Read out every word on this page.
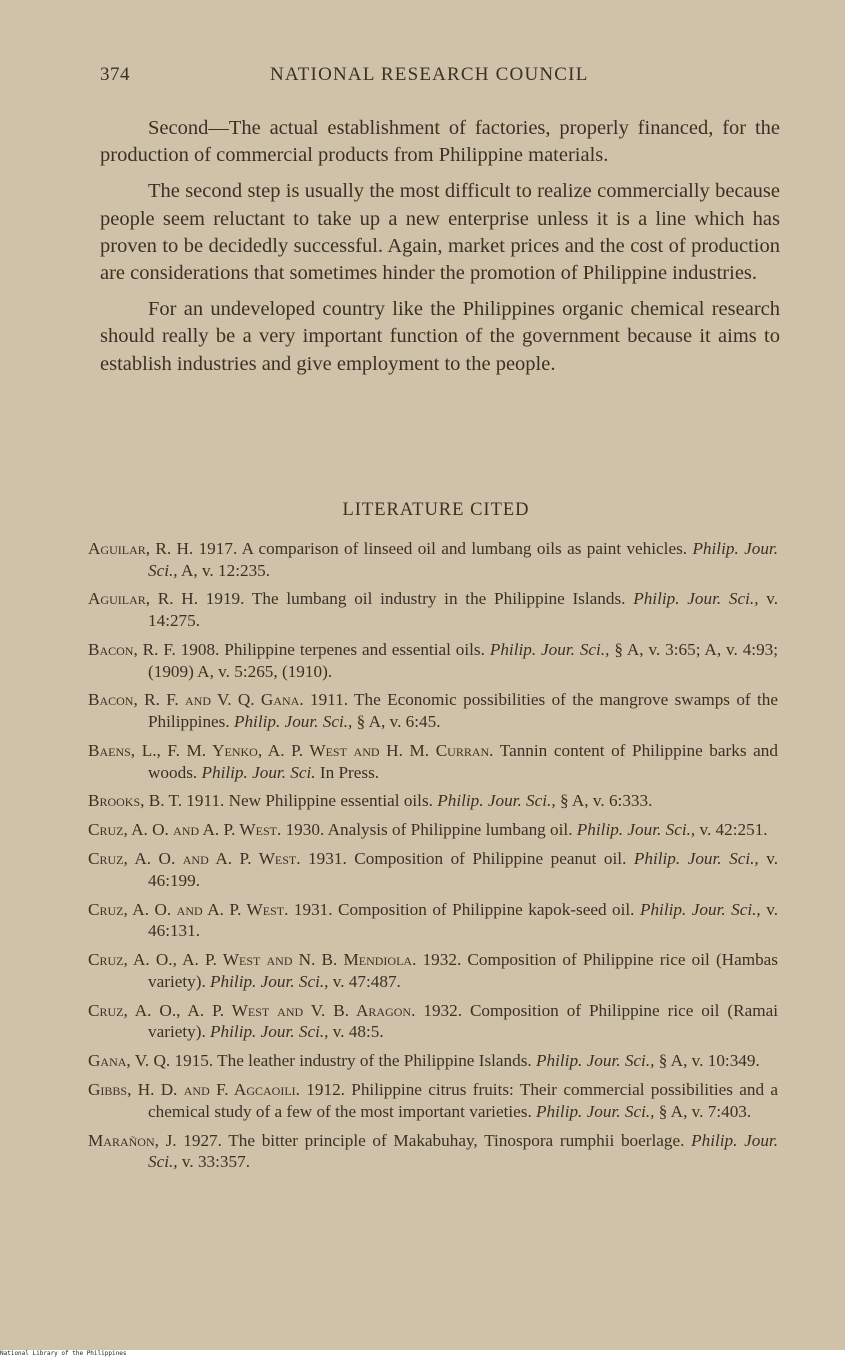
374	NATIONAL RESEARCH COUNCIL

Second—The actual establishment of factories, properly financed, for the production of commercial products from Philippine materials.

The second step is usually the most difficult to realize commercially because people seem reluctant to take up a new enterprise unless it is a line which has proven to be decidedly successful. Again, market prices and the cost of production are considerations that sometimes hinder the promotion of Philippine industries.

For an undeveloped country like the Philippines organic chemical research should really be a very important function of the government because it aims to establish industries and give employment to the people.

LITERATURE CITED
Aguilar, R. H. 1917. A comparison of linseed oil and lumbang oils as paint vehicles. Philip. Jour. Sci., A, v. 12:235.
Aguilar, R. H. 1919. The lumbang oil industry in the Philippine Islands. Philip. Jour. Sci., v. 14:275.
Bacon, R. F. 1908. Philippine terpenes and essential oils. Philip. Jour. Sci., § A, v. 3:65; A, v. 4:93; (1909) A, v. 5:265, (1910).
Bacon, R. F. and V. Q. Gana. 1911. The Economic possibilities of the mangrove swamps of the Philippines. Philip. Jour. Sci., § A, v. 6:45.
Baens, L., F. M. Yenko, A. P. West and H. M. Curran. Tannin content of Philippine barks and woods. Philip. Jour. Sci. In Press.
Brooks, B. T. 1911. New Philippine essential oils. Philip. Jour. Sci., § A, v. 6:333.
Cruz, A. O. and A. P. West. 1930. Analysis of Philippine lumbang oil. Philip. Jour. Sci., v. 42:251.
Cruz, A. O. and A. P. West. 1931. Composition of Philippine peanut oil. Philip. Jour. Sci., v. 46:199.
Cruz, A. O. and A. P. West. 1931. Composition of Philippine kapok-seed oil. Philip. Jour. Sci., v. 46:131.
Cruz, A. O., A. P. West and N. B. Mendiola. 1932. Composition of Philippine rice oil (Hambas variety). Philip. Jour. Sci., v. 47:487.
Cruz, A. O., A. P. West and V. B. Aragon. 1932. Composition of Philippine rice oil (Ramai variety). Philip. Jour. Sci., v. 48:5.
Gana, V. Q. 1915. The leather industry of the Philippine Islands. Philip. Jour. Sci., § A, v. 10:349.
Gibbs, H. D. and F. Agcaoili. 1912. Philippine citrus fruits: Their commercial possibilities and a chemical study of a few of the most important varieties. Philip. Jour. Sci., § A, v. 7:403.
Marañon, J. 1927. The bitter principle of Makabuhay, Tinospora rumphii boerlage. Philip. Jour. Sci., v. 33:357.
National Library of the Philippines
